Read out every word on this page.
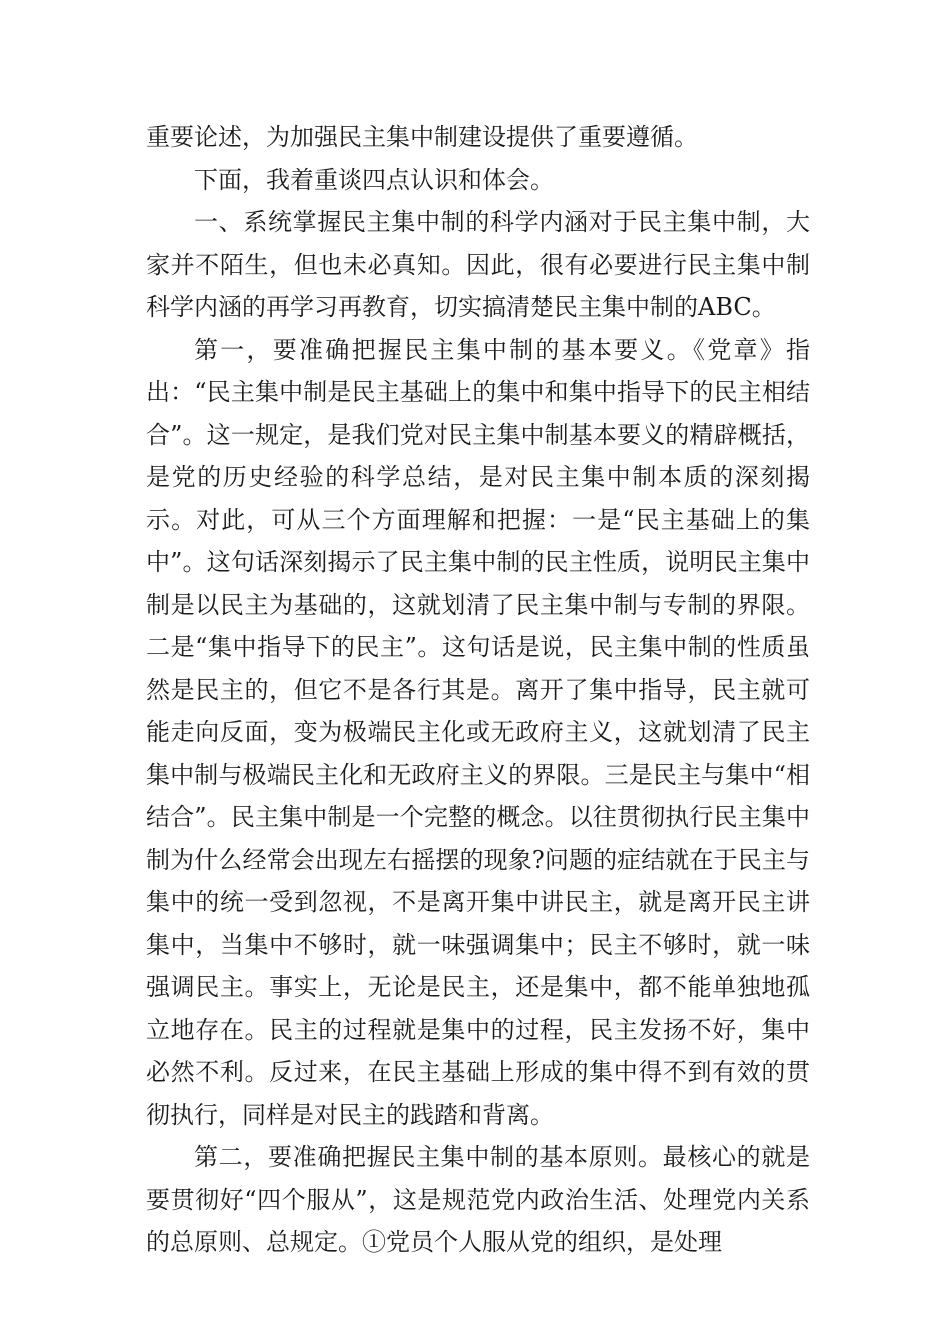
重要论述，为加强民主集中制建设提供了重要遵循。

下面，我着重谈四点认识和体会。

一、系统掌握民主集中制的科学内涵对于民主集中制，大家并不陌生，但也未必真知。因此，很有必要进行民主集中制科学内涵的再学习再教育，切实搞清楚民主集中制的ABC。

第一，要准确把握民主集中制的基本要义。《党章》指出：“民主集中制是民主基础上的集中和集中指导下的民主相结合”。这一规定，是我们党对民主集中制基本要义的精辟概括，是党的历史经验的科学总结，是对民主集中制本质的深刻揭示。对此，可从三个方面理解和把握：一是“民主基础上的集中”。这句话深刻揭示了民主集中制的民主性质，说明民主集中制是以民主为基础的，这就划清了民主集中制与专制的界限。二是“集中指导下的民主”。这句话是说，民主集中制的性质虽然是民主的，但它不是各行其是。离开了集中指导，民主就可能走向反面，变为极端民主化或无政府主义，这就划清了民主集中制与极端民主化和无政府主义的界限。三是民主与集中“相结合”。民主集中制是一个完整的概念。以往贯彻执行民主集中制为什么经常会出现左右摇摆的现象?问题的症结就在于民主与集中的统一受到忽视，不是离开集中讲民主，就是离开民主讲集中，当集中不够时，就一味强调集中；民主不够时，就一味强调民主。事实上，无论是民主，还是集中，都不能单独地孤立地存在。民主的过程就是集中的过程，民主发扬不好，集中必然不利。反过来，在民主基础上形成的集中得不到有效的贯彻执行，同样是对民主的践踏和背离。

第二，要准确把握民主集中制的基本原则。最核心的就是要贯彻好“四个服从”，这是规范党内政治生活、处理党内关系的总原则、总规定。①党员个人服从党的组织，是处理
